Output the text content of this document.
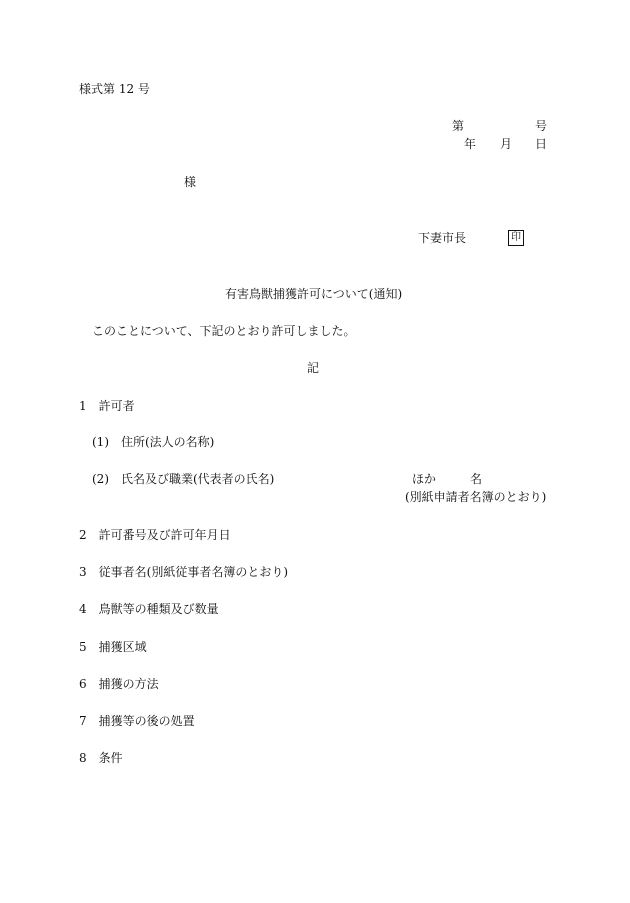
様式第 12 号
第	号
年 月 日
様
下妻市長	印
有害鳥獣捕獲許可について(通知)
このことについて、下記のとおり許可しました。
記
1　許可者
(1)　住所(法人の名称)
(2)　氏名及び職業(代表者の氏名)	ほか	名
(別紙申請者名簿のとおり)
2　許可番号及び許可年月日
3　従事者名(別紙従事者名簿のとおり)
4　鳥獣等の種類及び数量
5　捕獲区域
6　捕獲の方法
7　捕獲等の後の処置
8　条件
